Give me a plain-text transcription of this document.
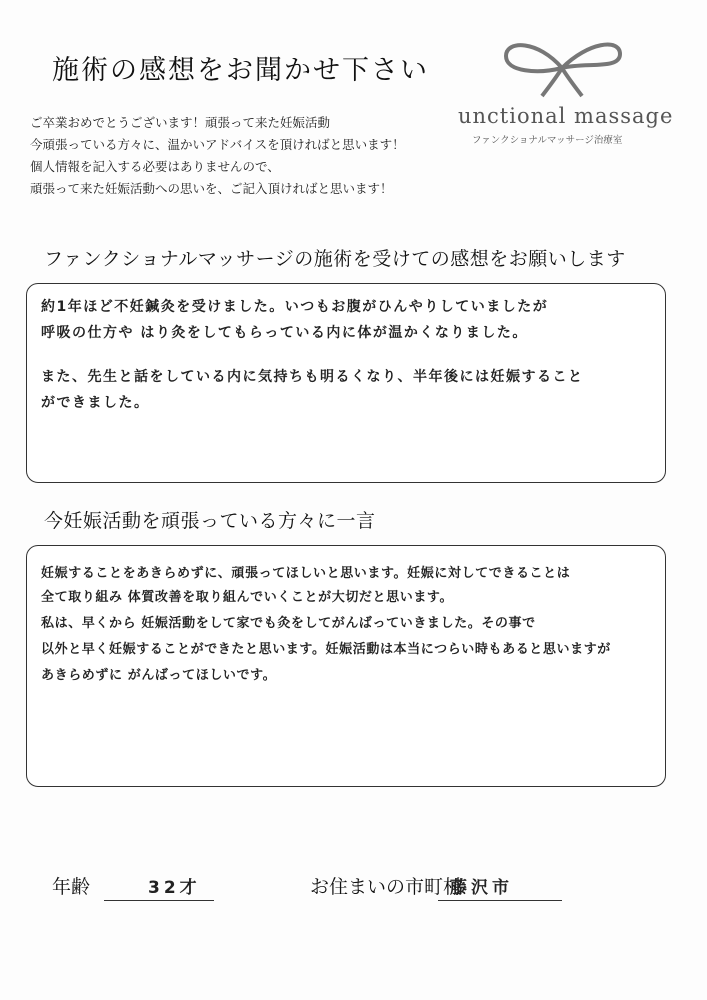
施術の感想をお聞かせ下さい
unctional massage
ファンクショナルマッサージ治療室

ご卒業おめでとうございます！頑張って来た妊娠活動

今頑張っている方々に、温かいアドバイスを頂ければと思います！

個人情報を記入する必要はありませんので、

頑張って来た妊娠活動への思いを、ご記入頂ければと思います！

ファンクショナルマッサージの施術を受けての感想をお願いします

約1年ほど不妊鍼灸を受けました。いつもお腹がひんやりしていましたが

呼吸の仕方や はり灸をしてもらっている内に体が温かくなりました。

また、先生と話をしている内に気持ちも明るくなり、半年後には妊娠すること

ができました。

今妊娠活動を頑張っている方々に一言

妊娠することをあきらめずに、頑張ってほしいと思います。妊娠に対してできることは

全て取り組み 体質改善を取り組んでいくことが大切だと思います。

私は、早くから 妊娠活動をして家でも灸をしてがんばっていきました。その事で

以外と早く妊娠することができたと思います。妊娠活動は本当につらい時もあると思いますが

あきらめずに がんばってほしいです。

年齢	32才	お住まいの市町村
藤沢市
